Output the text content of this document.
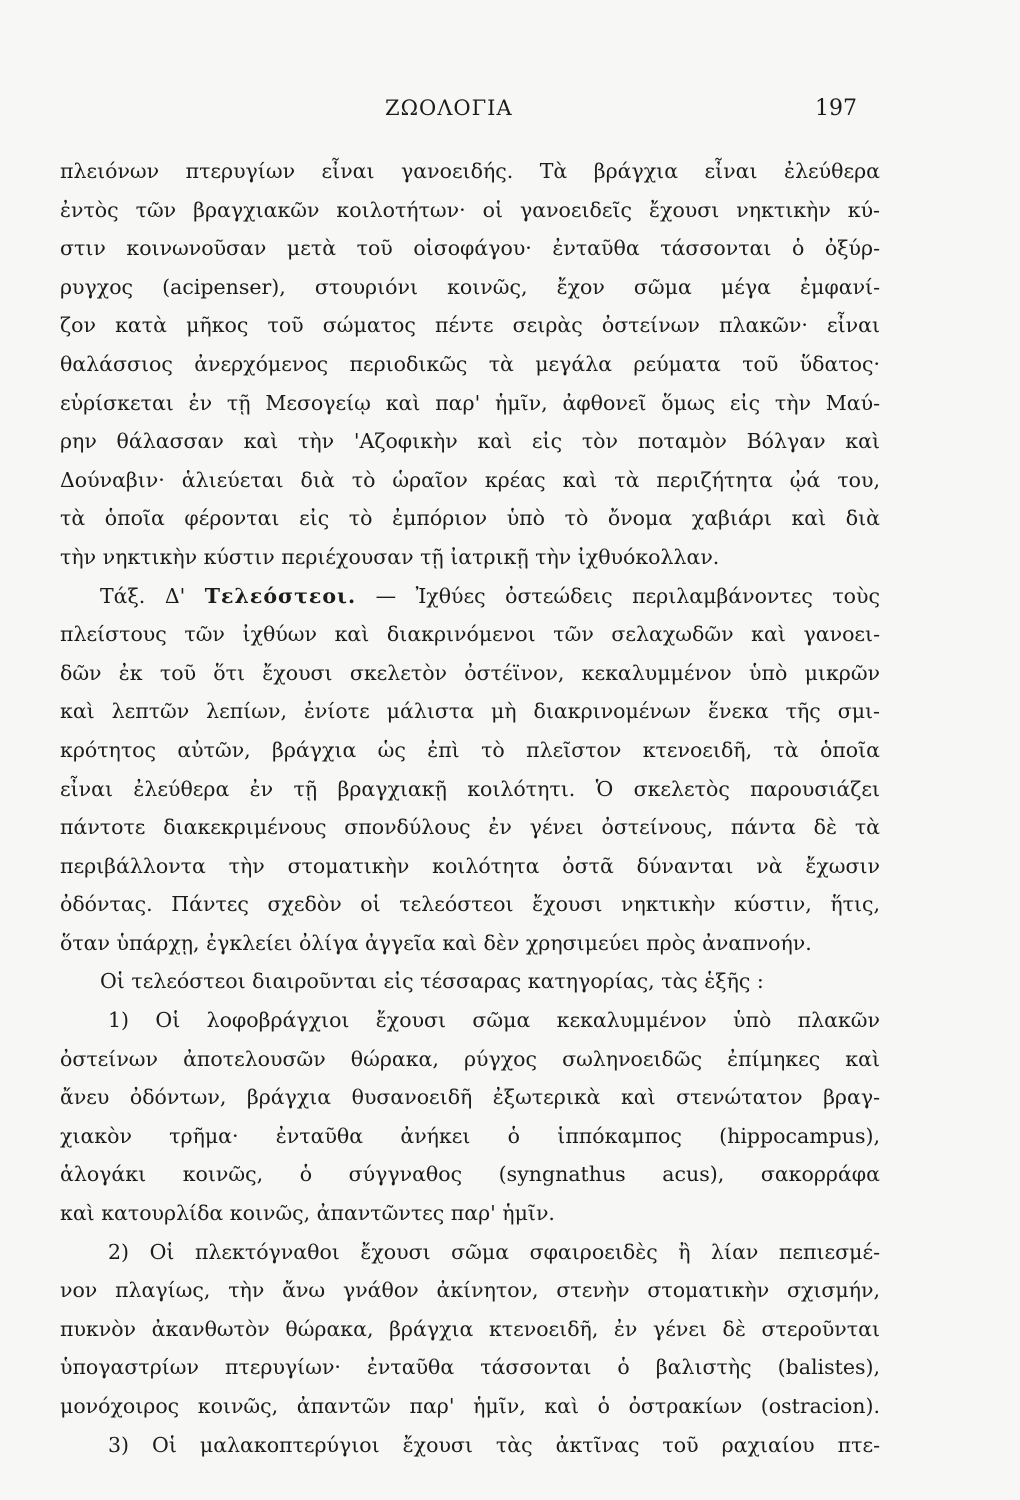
ΖΩΟΛΟΓΙΑ	197
πλειόνων πτερυγίων εἶναι γανοειδής. Τὰ βράγχια εἶναι ἐλεύθερα
ἐντὸς τῶν βραγχιακῶν κοιλοτήτων· οἱ γανοειδεῖς ἔχουσι νηκτικὴν κύ-
στιν κοινωνοῦσαν μετὰ τοῦ οἰσοφάγου· ἐνταῦθα τάσσονται ὁ ὀξύρ-
ρυγχος (acipenser), στουριόνι κοινῶς, ἔχον σῶμα μέγα ἐμφανί-
ζον κατὰ μῆκος τοῦ σώματος πέντε σειρὰς ὀστείνων πλακῶν· εἶναι
θαλάσσιος ἀνερχόμενος περιοδικῶς τὰ μεγάλα ρεύματα τοῦ ὕδατος·
εὑρίσκεται ἐν τῇ Μεσογείῳ καὶ παρ' ἡμῖν, ἀφθονεῖ ὅμως εἰς τὴν Μαύ-
ρην θάλασσαν καὶ τὴν 'Αζοφικὴν καὶ εἰς τὸν ποταμὸν Βόλγαν καὶ
Δούναβιν· ἁλιεύεται διὰ τὸ ὡραῖον κρέας καὶ τὰ περιζήτητα ᾠά του,
τὰ ὁποῖα φέρονται εἰς τὸ ἐμπόριον ὑπὸ τὸ ὄνομα χαβιάρι καὶ διὰ
τὴν νηκτικὴν κύστιν περιέχουσαν τῇ ἰατρικῇ τὴν ἰχθυόκολλαν.
Τάξ. Δ' Τελεόστεοι. — Ἰχθύες ὀστεώδεις περιλαμβάνοντες τοὺς
πλείστους τῶν ἰχθύων καὶ διακρινόμενοι τῶν σελαχωδῶν καὶ γανοει-
δῶν ἐκ τοῦ ὅτι ἔχουσι σκελετὸν ὀστέϊνον, κεκαλυμμένον ὑπὸ μικρῶν
καὶ λεπτῶν λεπίων, ἐνίοτε μάλιστα μὴ διακρινομένων ἕνεκα τῆς σμι-
κρότητος αὐτῶν, βράγχια ὡς ἐπὶ τὸ πλεῖστον κτενοειδῆ, τὰ ὁποῖα
εἶναι ἐλεύθερα ἐν τῇ βραγχιακῇ κοιλότητι. Ὁ σκελετὸς παρουσιάζει
πάντοτε διακεκριμένους σπονδύλους ἐν γένει ὀστείνους, πάντα δὲ τὰ
περιβάλλοντα τὴν στοματικὴν κοιλότητα ὀστᾶ δύνανται νὰ ἔχωσιν
ὀδόντας. Πάντες σχεδὸν οἱ τελεόστεοι ἔχουσι νηκτικὴν κύστιν, ἥτις,
ὅταν ὑπάρχῃ, ἐγκλείει ὀλίγα ἀγγεῖα καὶ δὲν χρησιμεύει πρὸς ἀναπνοήν.
Οἱ τελεόστεοι διαιροῦνται εἰς τέσσαρας κατηγορίας, τὰς ἑξῆς :
1) Οἱ λοφοβράγχιοι ἔχουσι σῶμα κεκαλυμμένον ὑπὸ πλακῶν
ὀστείνων ἀποτελουσῶν θώρακα, ρύγχος σωληνοειδῶς ἐπίμηκες καὶ
ἄνευ ὀδόντων, βράγχια θυσανοειδῆ ἐξωτερικὰ καὶ στενώτατον βραγ-
χιακὸν τρῆμα· ἐνταῦθα ἀνήκει ὁ ἱππόκαμπος (hippocampus),
ἁλογάκι κοινῶς, ὁ σύγγναθος (syngnathus acus), σακορράφα
καὶ κατουρλίδα κοινῶς, ἀπαντῶντες παρ' ἡμῖν.
2) Οἱ πλεκτόγναθοι ἔχουσι σῶμα σφαιροειδὲς ἢ λίαν πεπιεσμέ-
νον πλαγίως, τὴν ἄνω γνάθον ἀκίνητον, στενὴν στοματικὴν σχισμήν,
πυκνὸν ἀκανθωτὸν θώρακα, βράγχια κτενοειδῆ, ἐν γένει δὲ στεροῦνται
ὑπογαστρίων πτερυγίων· ἐνταῦθα τάσσονται ὁ βαλιστὴς (balistes),
μονόχοιρος κοινῶς, ἀπαντῶν παρ' ἡμῖν, καὶ ὁ ὀστρακίων (ostracion).
3) Οἱ μαλακοπτερύγιοι ἔχουσι τὰς ἀκτῖνας τοῦ ραχιαίου πτε-
